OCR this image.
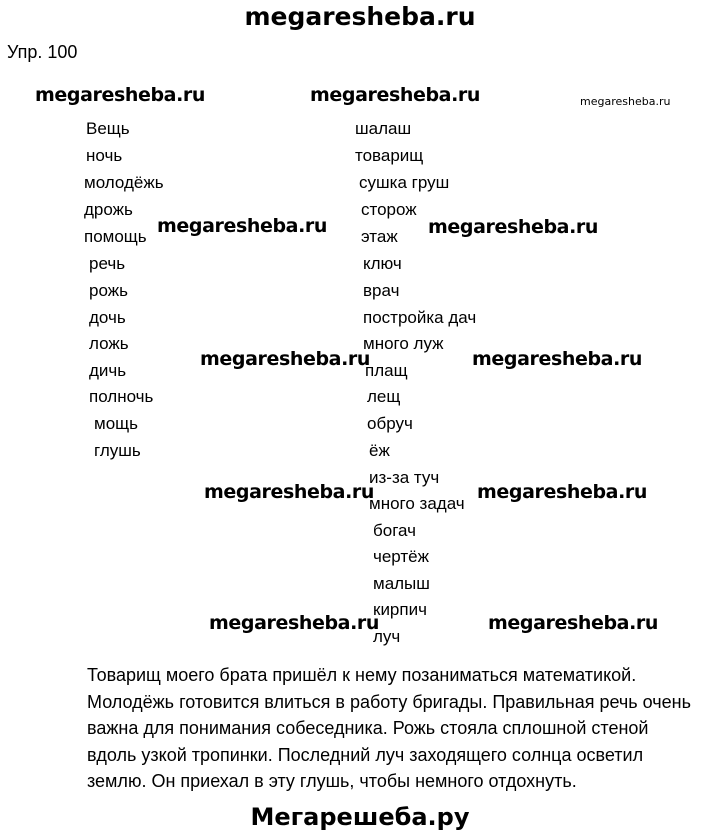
megaresheba.ru
Упр. 100
megaresheba.ru	megaresheba.ru	megaresheba.ru
megaresheba.ru	megaresheba.ru
megaresheba.ru	megaresheba.ru
megaresheba.ru	megaresheba.ru
megaresheba.ru	megaresheba.ru
Вещь
ночь
молодёжь
дрожь
помощь
речь
рожь
дочь
ложь
дичь
полночь
мощь
глушь
шалаш
товарищ
сушка груш
сторож
этаж
ключ
врач
постройка дач
много луж
плащ
лещ
обруч
ёж
из-за туч
много задач
богач
чертёж
малыш
кирпич
луч

Товарищ моего брата пришёл к нему позаниматься математикой.
Молодёжь готовится влиться в работу бригады. Правильная речь очень
важна для понимания собеседника. Рожь стояла сплошной стеной
вдоль узкой тропинки. Последний луч заходящего солнца осветил
землю. Он приехал в эту глушь, чтобы немного отдохнуть.

Мегарешеба.ру
